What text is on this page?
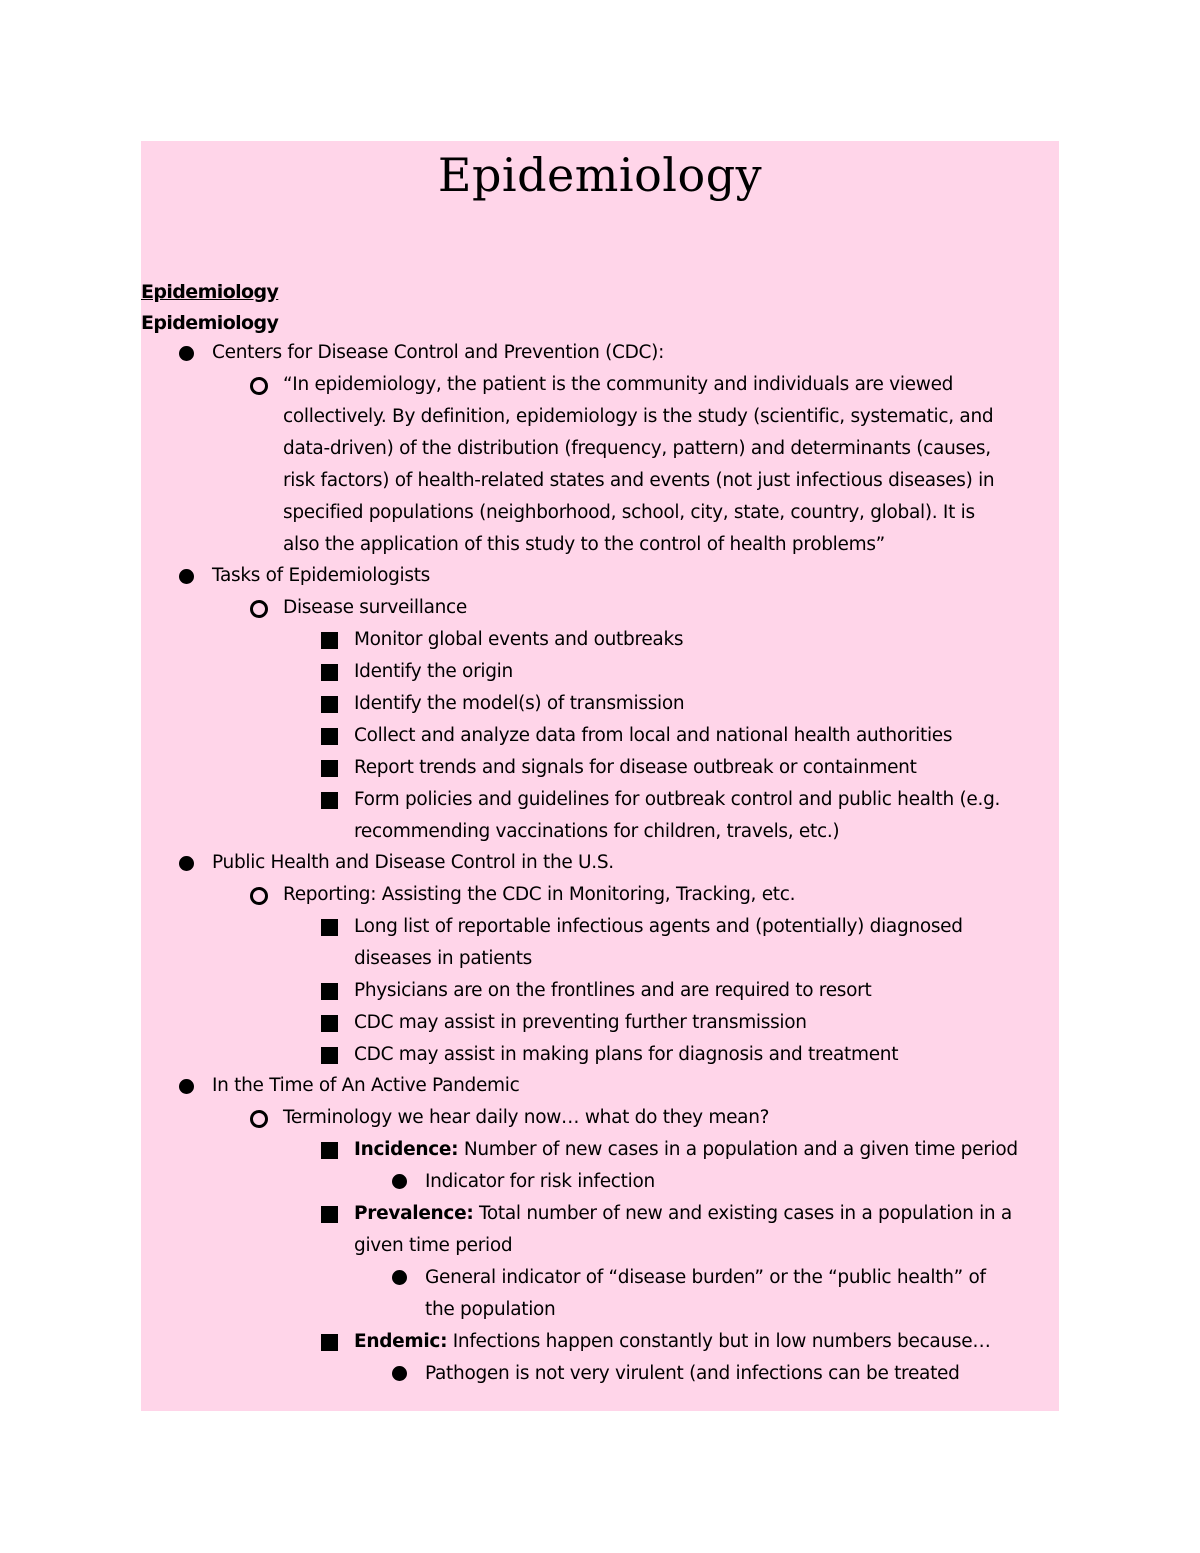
Epidemiology
Epidemiology
Epidemiology
Centers for Disease Control and Prevention (CDC):
“In epidemiology, the patient is the community and individuals are viewed
collectively. By definition, epidemiology is the study (scientific, systematic, and
data-driven) of the distribution (frequency, pattern) and determinants (causes,
risk factors) of health-related states and events (not just infectious diseases) in
specified populations (neighborhood, school, city, state, country, global). It is
also the application of this study to the control of health problems”
Tasks of Epidemiologists
Disease surveillance
Monitor global events and outbreaks
Identify the origin
Identify the model(s) of transmission
Collect and analyze data from local and national health authorities
Report trends and signals for disease outbreak or containment
Form policies and guidelines for outbreak control and public health (e.g.
recommending vaccinations for children, travels, etc.)
Public Health and Disease Control in the U.S.
Reporting: Assisting the CDC in Monitoring, Tracking, etc.
Long list of reportable infectious agents and (potentially) diagnosed
diseases in patients
Physicians are on the frontlines and are required to resort
CDC may assist in preventing further transmission
CDC may assist in making plans for diagnosis and treatment
In the Time of An Active Pandemic
Terminology we hear daily now… what do they mean?
Incidence: Number of new cases in a population and a given time period
Indicator for risk infection
Prevalence: Total number of new and existing cases in a population in a
given time period
General indicator of “disease burden” or the “public health” of
the population
Endemic: Infections happen constantly but in low numbers because…
Pathogen is not very virulent (and infections can be treated
